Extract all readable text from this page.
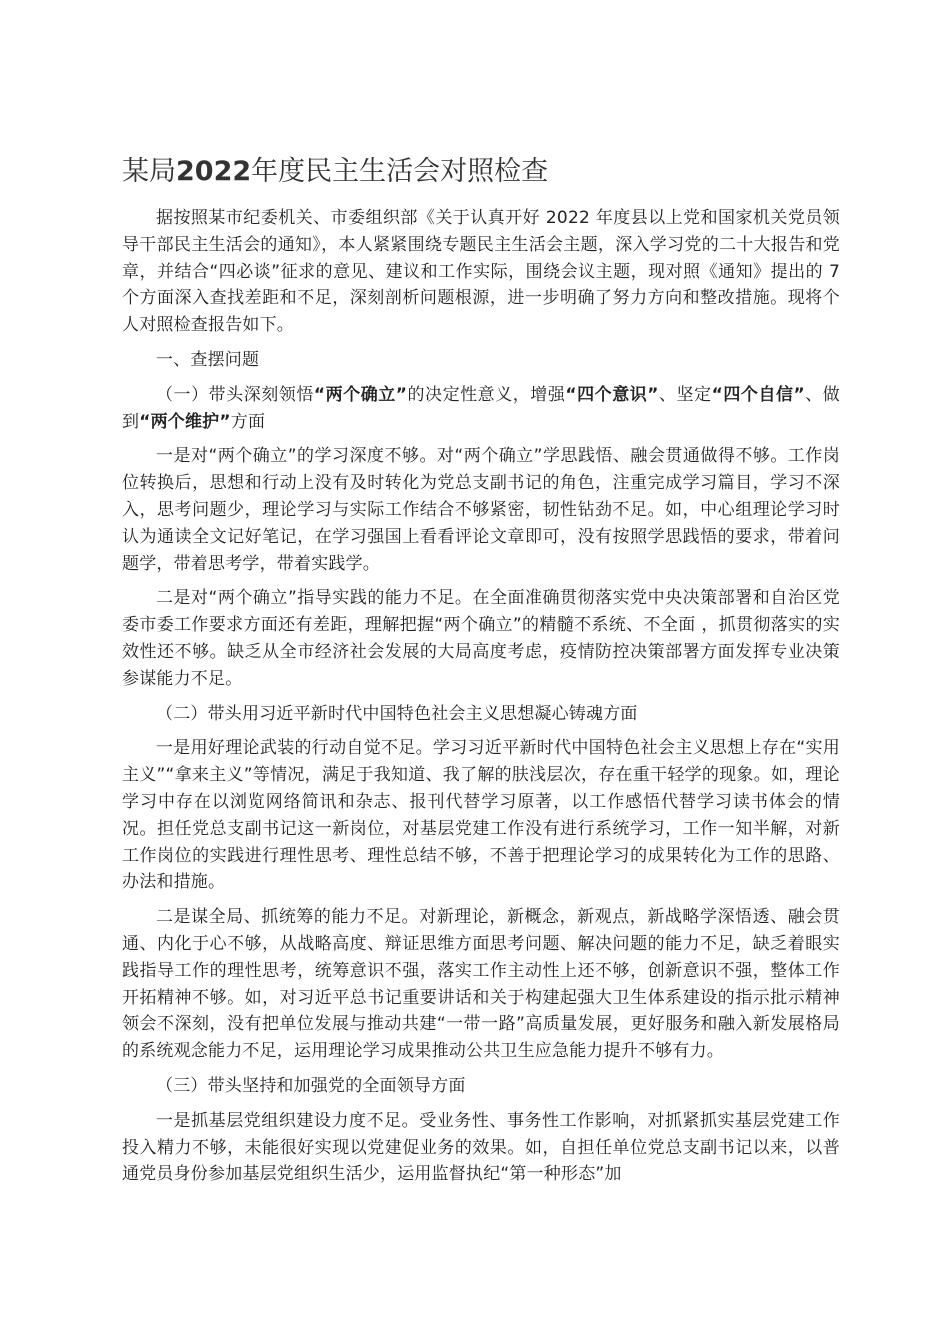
某局2022年度民主生活会对照检查

据按照某市纪委机关、市委组织部《关于认真开好 2022 年度县以上党和国家机关党员领导干部民主生活会的通知》，本人紧紧围绕专题民主生活会主题，深入学习党的二十大报告和党章，并结合“四必谈”征求的意见、建议和工作实际，围绕会议主题，现对照《通知》提出的 7 个方面深入查找差距和不足，深刻剖析问题根源，进一步明确了努力方向和整改措施。现将个人对照检查报告如下。

一、查摆问题

（一）带头深刻领悟“两个确立”的决定性意义，增强“四个意识”、坚定“四个自信”、做到“两个维护”方面

一是对“两个确立”的学习深度不够。对“两个确立”学思践悟、融会贯通做得不够。工作岗位转换后，思想和行动上没有及时转化为党总支副书记的角色，注重完成学习篇目，学习不深入，思考问题少，理论学习与实际工作结合不够紧密，韧性钻劲不足。如，中心组理论学习时认为通读全文记好笔记，在学习强国上看看评论文章即可，没有按照学思践悟的要求，带着问题学，带着思考学，带着实践学。

二是对“两个确立”指导实践的能力不足。在全面准确贯彻落实党中央决策部署和自治区党委市委工作要求方面还有差距，理解把握“两个确立”的精髓不系统、不全面 ，抓贯彻落实的实效性还不够。缺乏从全市经济社会发展的大局高度考虑，疫情防控决策部署方面发挥专业决策参谋能力不足。

（二）带头用习近平新时代中国特色社会主义思想凝心铸魂方面

一是用好理论武装的行动自觉不足。学习习近平新时代中国特色社会主义思想上存在“实用主义”“拿来主义”等情况，满足于我知道、我了解的肤浅层次，存在重干轻学的现象。如，理论学习中存在以浏览网络简讯和杂志、报刊代替学习原著，以工作感悟代替学习读书体会的情况。担任党总支副书记这一新岗位，对基层党建工作没有进行系统学习，工作一知半解，对新工作岗位的实践进行理性思考、理性总结不够，不善于把理论学习的成果转化为工作的思路、办法和措施。

二是谋全局、抓统筹的能力不足。对新理论，新概念，新观点，新战略学深悟透、融会贯通、内化于心不够，从战略高度、辩证思维方面思考问题、解决问题的能力不足，缺乏着眼实践指导工作的理性思考，统筹意识不强，落实工作主动性上还不够，创新意识不强，整体工作开拓精神不够。如，对习近平总书记重要讲话和关于构建起强大卫生体系建设的指示批示精神领会不深刻，没有把单位发展与推动共建“一带一路”高质量发展，更好服务和融入新发展格局的系统观念能力不足，运用理论学习成果推动公共卫生应急能力提升不够有力。

（三）带头坚持和加强党的全面领导方面

一是抓基层党组织建设力度不足。受业务性、事务性工作影响，对抓紧抓实基层党建工作投入精力不够，未能很好实现以党建促业务的效果。如，自担任单位党总支副书记以来，以普通党员身份参加基层党组织生活少，运用监督执纪“第一种形态”加
